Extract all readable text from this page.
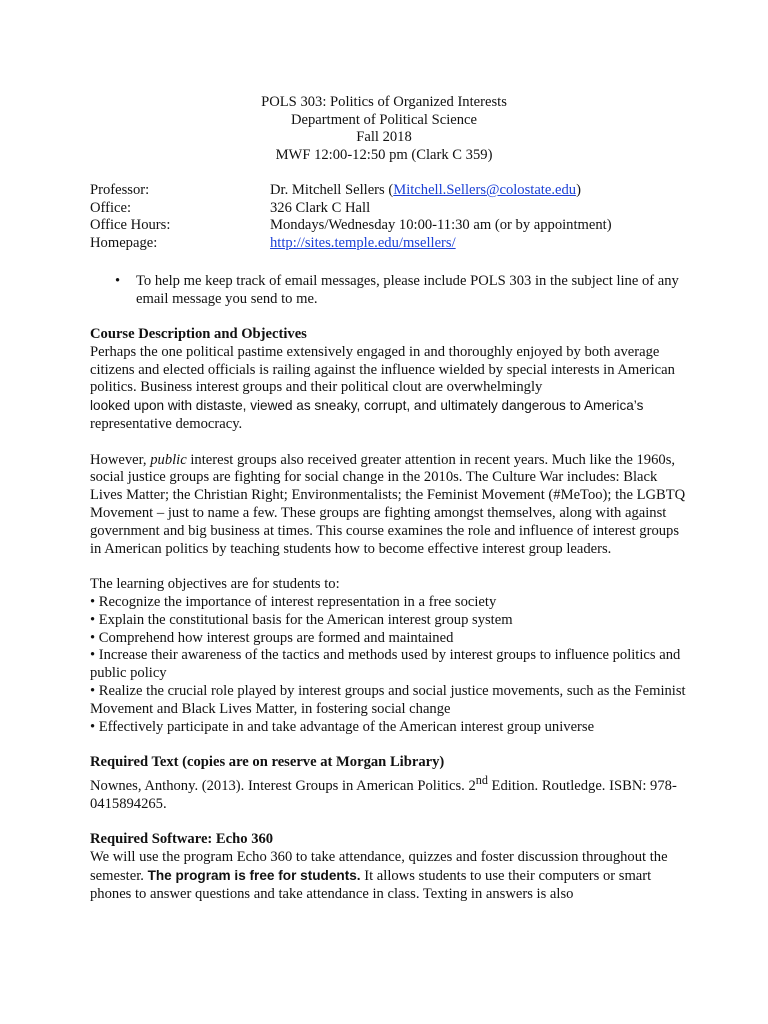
POLS 303: Politics of Organized Interests
Department of Political Science
Fall 2018
MWF 12:00-12:50 pm (Clark C 359)
Professor:	Dr. Mitchell Sellers (Mitchell.Sellers@colostate.edu)
Office:	326 Clark C Hall
Office Hours:	Mondays/Wednesday 10:00-11:30 am (or by appointment)
Homepage:	http://sites.temple.edu/msellers/
•	To help me keep track of email messages, please include POLS 303 in the subject line of any email message you send to me.
Course Description and Objectives

Perhaps the one political pastime extensively engaged in and thoroughly enjoyed by both average citizens and elected officials is railing against the influence wielded by special interests in American politics. Business interest groups and their political clout are overwhelmingly
looked upon with distaste, viewed as sneaky, corrupt, and ultimately dangerous to America’s
representative democracy.

However, public interest groups also received greater attention in recent years. Much like the 1960s, social justice groups are fighting for social change in the 2010s. The Culture War includes: Black Lives Matter; the Christian Right; Environmentalists; the Feminist Movement (#MeToo); the LGBTQ Movement – just to name a few. These groups are fighting amongst themselves, along with against government and big business at times. This course examines the role and influence of interest groups in American politics by teaching students how to become effective interest group leaders.

The learning objectives are for students to:
• Recognize the importance of interest representation in a free society
• Explain the constitutional basis for the American interest group system
• Comprehend how interest groups are formed and maintained
• Increase their awareness of the tactics and methods used by interest groups to influence politics and public policy
• Realize the crucial role played by interest groups and social justice movements, such as the Feminist Movement and Black Lives Matter, in fostering social change
• Effectively participate in and take advantage of the American interest group universe
Required Text (copies are on reserve at Morgan Library)

Nownes, Anthony. (2013). Interest Groups in American Politics. 2nd Edition. Routledge. ISBN: 978-0415894265.

Required Software: Echo 360

We will use the program Echo 360 to take attendance, quizzes and foster discussion throughout the semester. The program is free for students. It allows students to use their computers or smart phones to answer questions and take attendance in class. Texting in answers is also
